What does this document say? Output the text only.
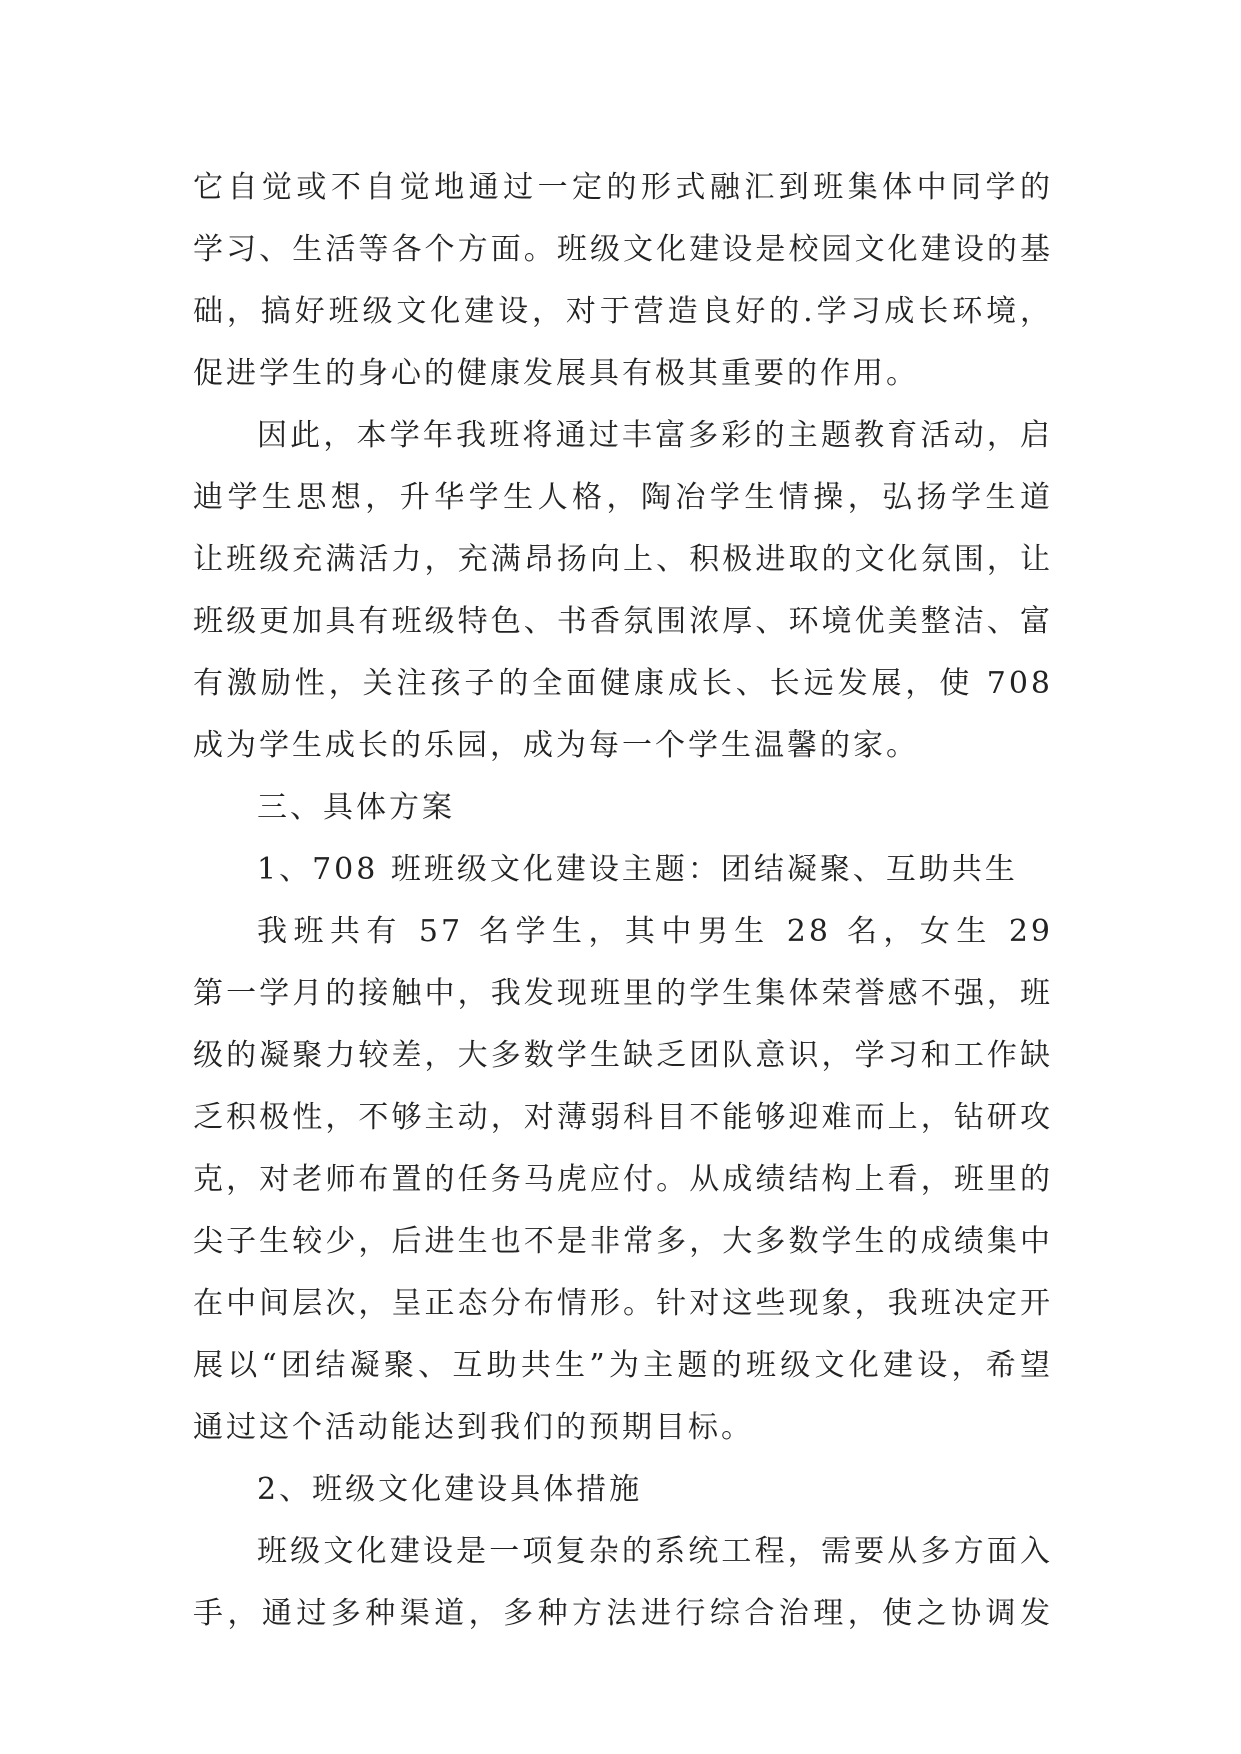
它自觉或不自觉地通过一定的形式融汇到班集体中同学的
学习、生活等各个方面。班级文化建设是校园文化建设的基
础，搞好班级文化建设，对于营造良好的.学习成长环境，
促进学生的身心的健康发展具有极其重要的作用。
因此，本学年我班将通过丰富多彩的主题教育活动，启
迪学生思想，升华学生人格，陶冶学生情操，弘扬学生道
让班级充满活力，充满昂扬向上、积极进取的文化氛围，让
班级更加具有班级特色、书香氛围浓厚、环境优美整洁、富
有激励性，关注孩子的全面健康成长、长远发展，使 708
成为学生成长的乐园，成为每一个学生温馨的家。
三、具体方案
1、708 班班级文化建设主题：团结凝聚、互助共生
我班共有 57 名学生，其中男生 28 名，女生 29
第一学月的接触中，我发现班里的学生集体荣誉感不强，班
级的凝聚力较差，大多数学生缺乏团队意识，学习和工作缺
乏积极性，不够主动，对薄弱科目不能够迎难而上，钻研攻
克，对老师布置的任务马虎应付。从成绩结构上看，班里的
尖子生较少，后进生也不是非常多，大多数学生的成绩集中
在中间层次，呈正态分布情形。针对这些现象，我班决定开
展以“团结凝聚、互助共生”为主题的班级文化建设，希望
通过这个活动能达到我们的预期目标。
2、班级文化建设具体措施
班级文化建设是一项复杂的系统工程，需要从多方面入
手，通过多种渠道，多种方法进行综合治理，使之协调发
